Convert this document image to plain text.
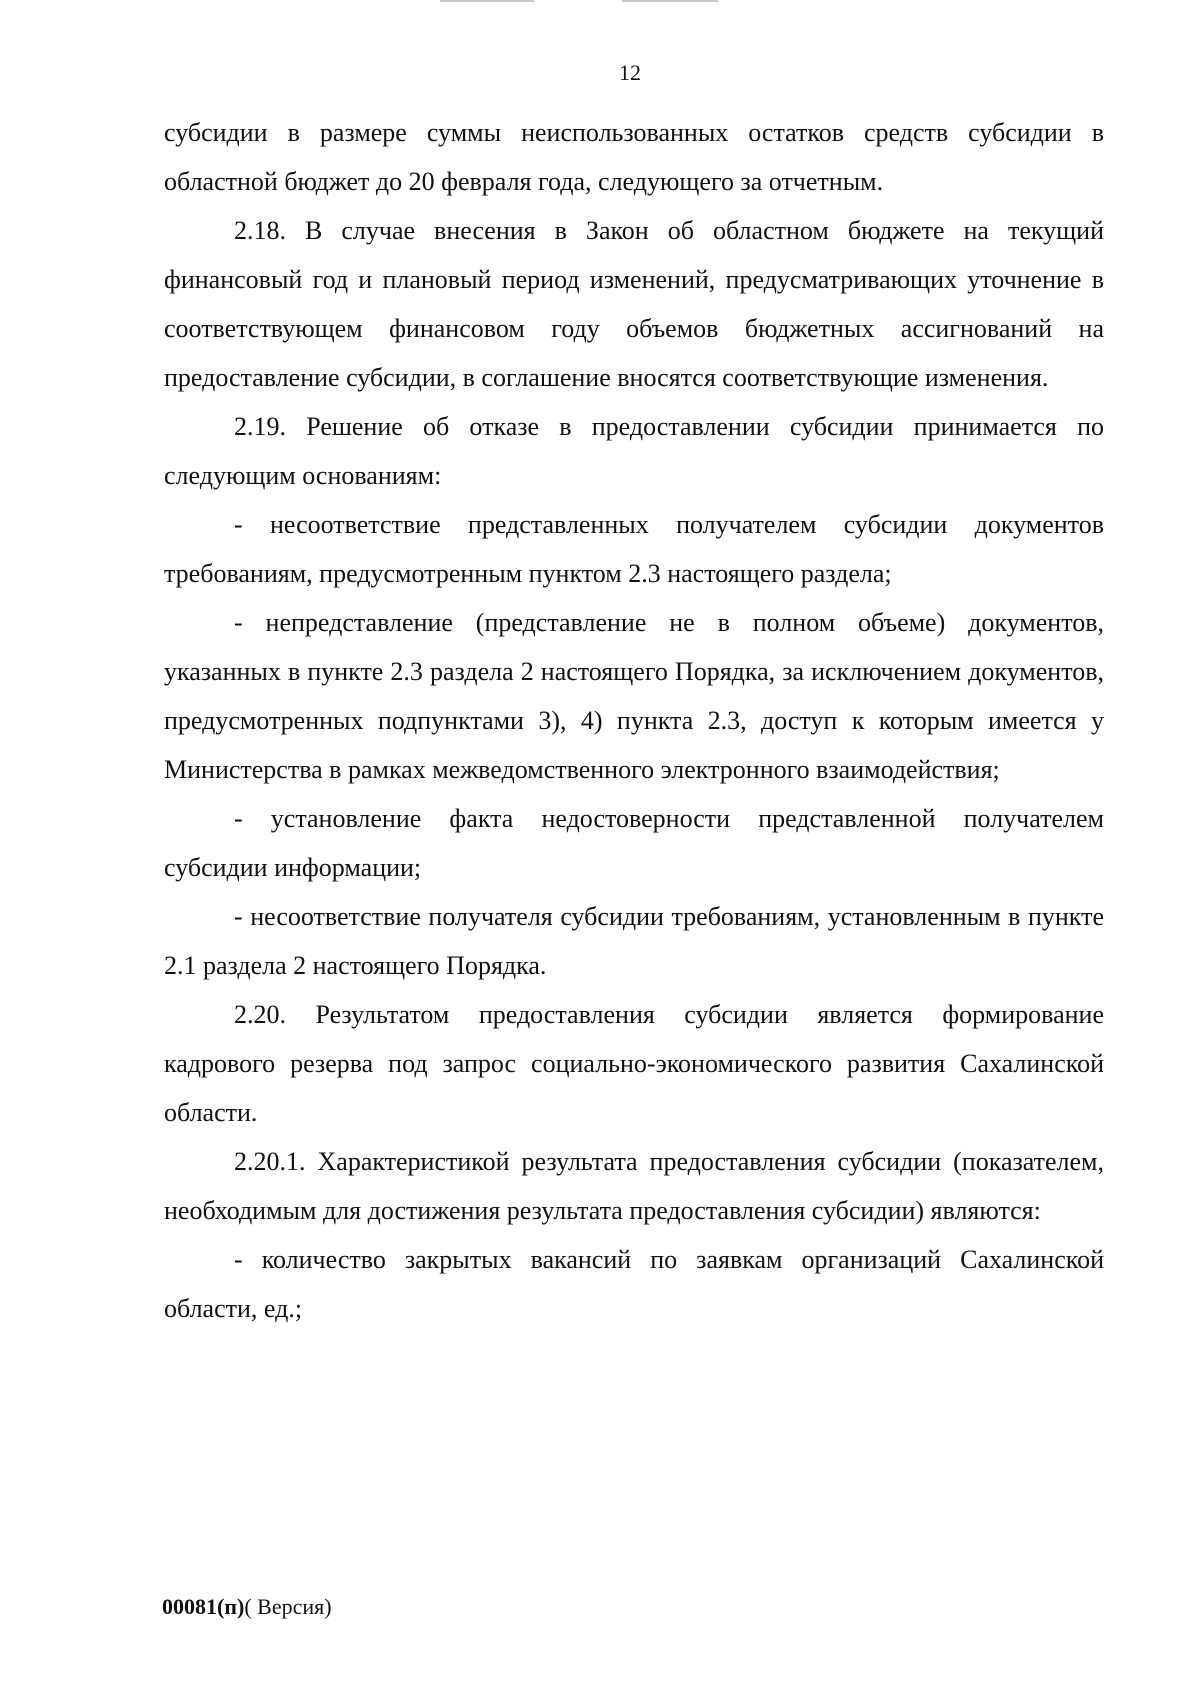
12

субсидии в размере суммы неиспользованных остатков средств субсидии в областной бюджет до 20 февраля года, следующего за отчетным.

2.18. В случае внесения в Закон об областном бюджете на текущий финансовый год и плановый период изменений, предусматривающих уточнение в соответствующем финансовом году объемов бюджетных ассигнований на предоставление субсидии, в соглашение вносятся соответствующие изменения.

2.19. Решение об отказе в предоставлении субсидии принимается по следующим основаниям:

- несоответствие представленных получателем субсидии документов требованиям, предусмотренным пунктом 2.3 настоящего раздела;

- непредставление (представление не в полном объеме) документов, указанных в пункте 2.3 раздела 2 настоящего Порядка, за исключением документов, предусмотренных подпунктами 3), 4) пункта 2.3, доступ к которым имеется у Министерства в рамках межведомственного электронного взаимодействия;

- установление факта недостоверности представленной получателем субсидии информации;

- несоответствие получателя субсидии требованиям, установленным в пункте 2.1 раздела 2 настоящего Порядка.

2.20. Результатом предоставления субсидии является формирование кадрового резерва под запрос социально-экономического развития Сахалинской области.

2.20.1. Характеристикой результата предоставления субсидии (показателем, необходимым для достижения результата предоставления субсидии) являются:

- количество закрытых вакансий по заявкам организаций Сахалинской области, ед.;

00081(п)( Версия)
